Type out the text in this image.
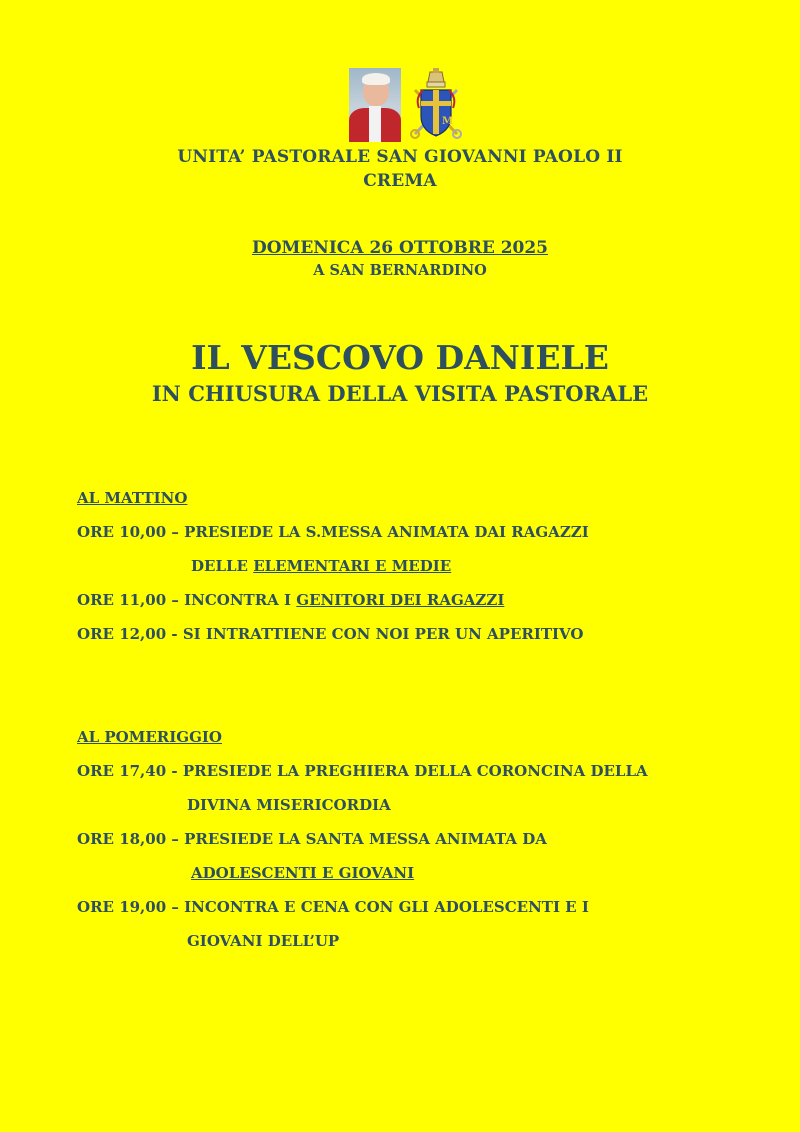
M
UNITA’ PASTORALE SAN GIOVANNI PAOLO II
CREMA
DOMENICA 26 OTTOBRE 2025
A SAN BERNARDINO
IL VESCOVO DANIELE
IN CHIUSURA DELLA VISITA PASTORALE
AL MATTINO
ORE 10,00 – PRESIEDE LA S.MESSA ANIMATA DAI RAGAZZI
DELLE ELEMENTARI E MEDIE
ORE 11,00 – INCONTRA I GENITORI DEI RAGAZZI
ORE 12,00 - SI INTRATTIENE CON NOI PER UN APERITIVO
AL POMERIGGIO
ORE 17,40 - PRESIEDE LA PREGHIERA DELLA CORONCINA DELLA
DIVINA MISERICORDIA
ORE 18,00 – PRESIEDE LA SANTA MESSA ANIMATA DA
ADOLESCENTI E GIOVANI
ORE 19,00 – INCONTRA E CENA CON GLI ADOLESCENTI E I
GIOVANI DELL’UP
